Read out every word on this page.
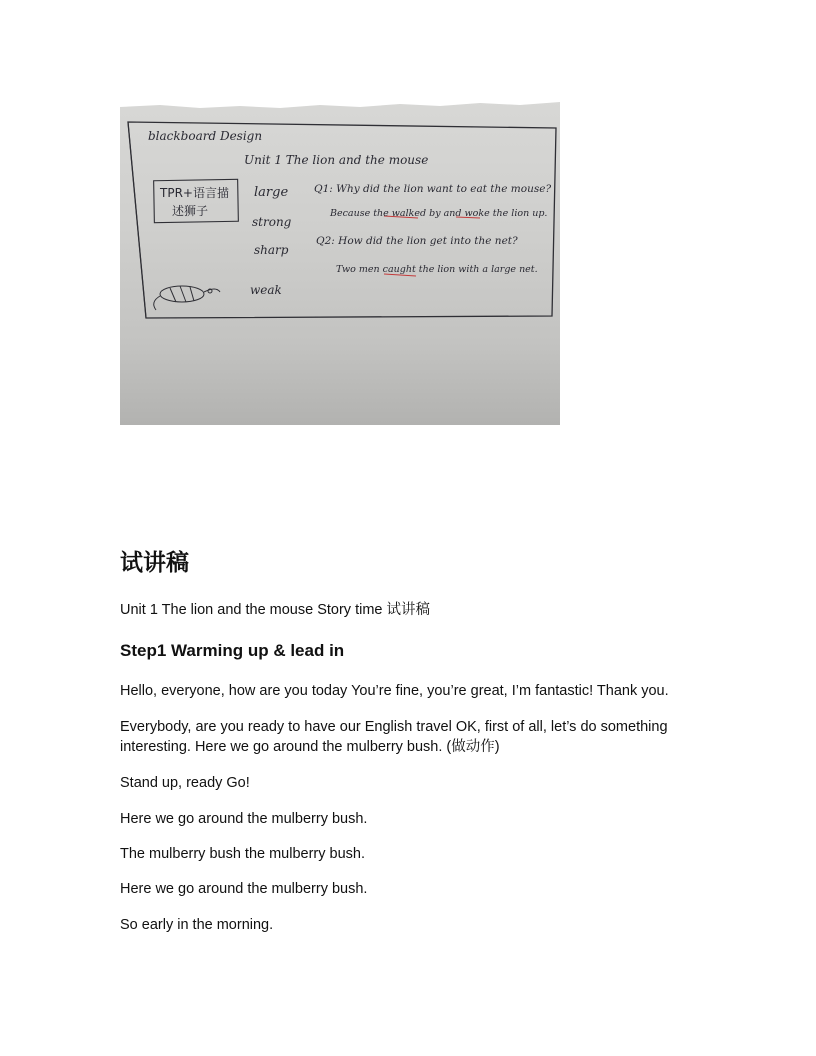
blackboard Design
Unit 1 The lion and the mouse
TPR+语言描
述狮子
large
strong
sharp
weak
Q1: Why did the lion want to eat the mouse?
Because the walked by and woke the lion up.
Q2: How did the lion get into the net?
Two men caught the lion with a large net.
试讲稿

Unit 1 The lion and the mouse Story time 试讲稿

Step1 Warming up & lead in

Hello, everyone, how are you today You’re fine, you’re great, I’m fantastic! Thank you.

Everybody, are you ready to have our English travel OK, first of all, let’s do something

interesting. Here we go around the mulberry bush. (做动作)

Stand up, ready Go!

Here we go around the mulberry bush.

The mulberry bush the mulberry bush.

Here we go around the mulberry bush.

So early in the morning.
